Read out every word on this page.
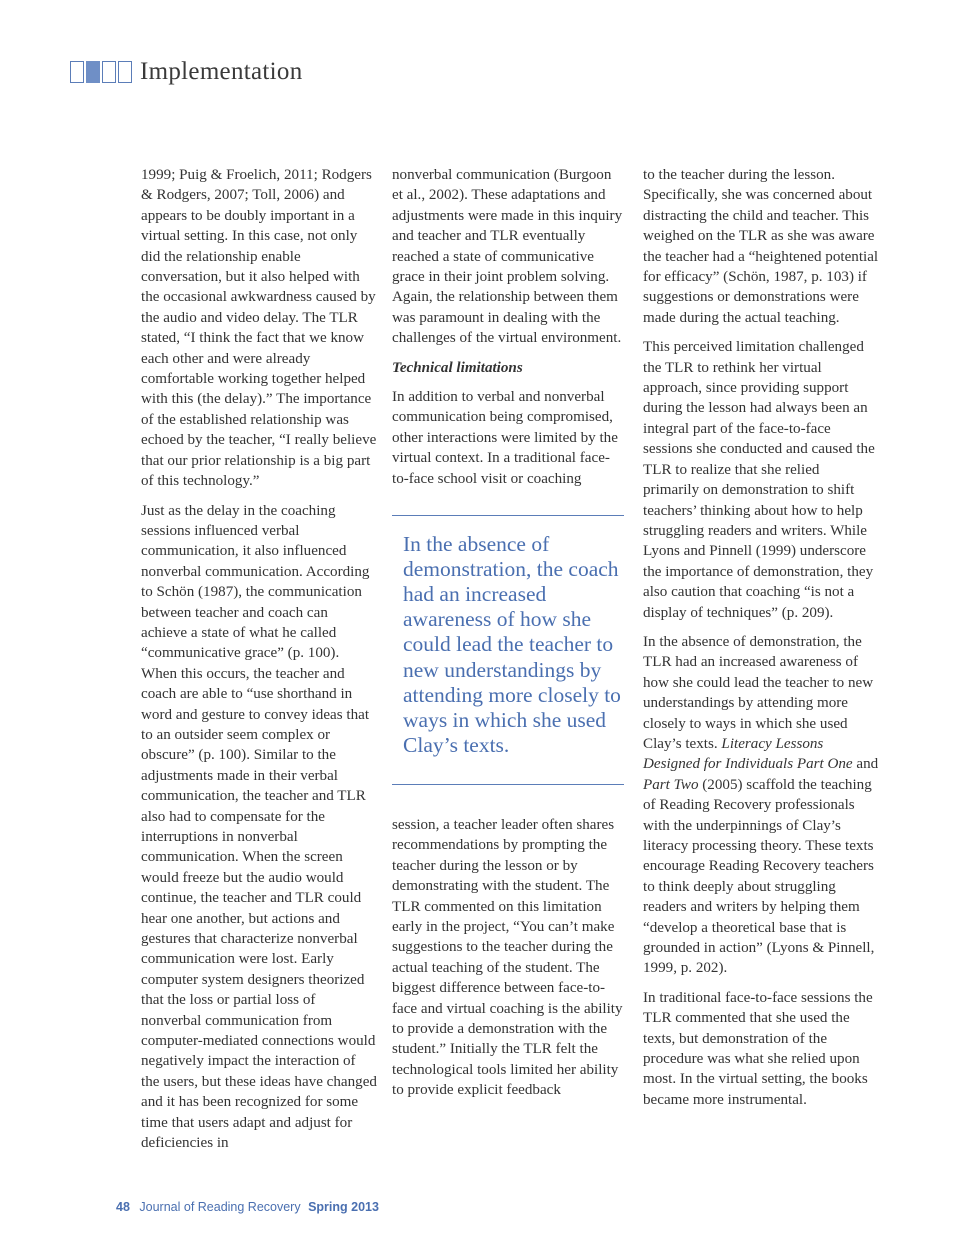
Implementation

1999; Puig & Froelich, 2011; Rodgers & Rodgers, 2007; Toll, 2006) and appears to be doubly important in a virtual setting. In this case, not only did the relationship enable conversation, but it also helped with the occasional awkwardness caused by the audio and video delay. The TLR stated, “I think the fact that we know each other and were already comfortable working together helped with this (the delay).” The importance of the established relationship was echoed by the teacher, “I really believe that our prior relationship is a big part of this technology.”

Just as the delay in the coaching sessions influenced verbal communication, it also influenced nonverbal communication. According to Schön (1987), the communication between teacher and coach can achieve a state of what he called “communicative grace” (p. 100). When this occurs, the teacher and coach are able to “use shorthand in word and gesture to convey ideas that to an outsider seem complex or obscure” (p. 100). Similar to the adjustments made in their verbal communication, the teacher and TLR also had to compensate for the interruptions in nonverbal communication. When the screen would freeze but the audio would continue, the teacher and TLR could hear one another, but actions and gestures that characterize nonverbal communication were lost. Early computer system designers theorized that the loss or partial loss of nonverbal communication from computer-mediated connections would negatively impact the interaction of the users, but these ideas have changed and it has been recognized for some time that users adapt and adjust for deficiencies in

nonverbal communication (Burgoon et al., 2002). These adaptations and adjustments were made in this inquiry and teacher and TLR eventually reached a state of communicative grace in their joint problem solving. Again, the relationship between them was paramount in dealing with the challenges of the virtual environment.

Technical limitations

In addition to verbal and nonverbal communication being compromised, other interactions were limited by the virtual context. In a traditional face-to-face school visit or coaching

In the absence of demonstration, the coach had an increased awareness of how she could lead the teacher to new understandings by attending more closely to ways in which she used Clay’s texts.

session, a teacher leader often shares recommendations by prompting the teacher during the lesson or by demonstrating with the student. The TLR commented on this limitation early in the project, “You can’t make suggestions to the teacher during the actual teaching of the student. The biggest difference between face-to-face and virtual coaching is the ability to provide a demonstration with the student.” Initially the TLR felt the technological tools limited her ability to provide explicit feedback

to the teacher during the lesson. Specifically, she was concerned about distracting the child and teacher. This weighed on the TLR as she was aware the teacher had a “heightened potential for efficacy” (Schön, 1987, p. 103) if suggestions or demonstrations were made during the actual teaching.

This perceived limitation challenged the TLR to rethink her virtual approach, since providing support during the lesson had always been an integral part of the face-to-face sessions she conducted and caused the TLR to realize that she relied primarily on demonstration to shift teachers’ thinking about how to help struggling readers and writers. While Lyons and Pinnell (1999) underscore the importance of demonstration, they also caution that coaching “is not a display of techniques” (p. 209).

In the absence of demonstration, the TLR had an increased awareness of how she could lead the teacher to new understandings by attending more closely to ways in which she used Clay’s texts. Literacy Lessons Designed for Individuals Part One and Part Two (2005) scaffold the teaching of Reading Recovery professionals with the underpinnings of Clay’s literacy processing theory. These texts encourage Reading Recovery teachers to think deeply about struggling readers and writers by helping them “develop a theoretical base that is grounded in action” (Lyons & Pinnell, 1999, p. 202).

In traditional face-to-face sessions the TLR commented that she used the texts, but demonstration of the procedure was what she relied upon most. In the virtual setting, the books became more instrumental.

48 Journal of Reading Recovery Spring 2013
